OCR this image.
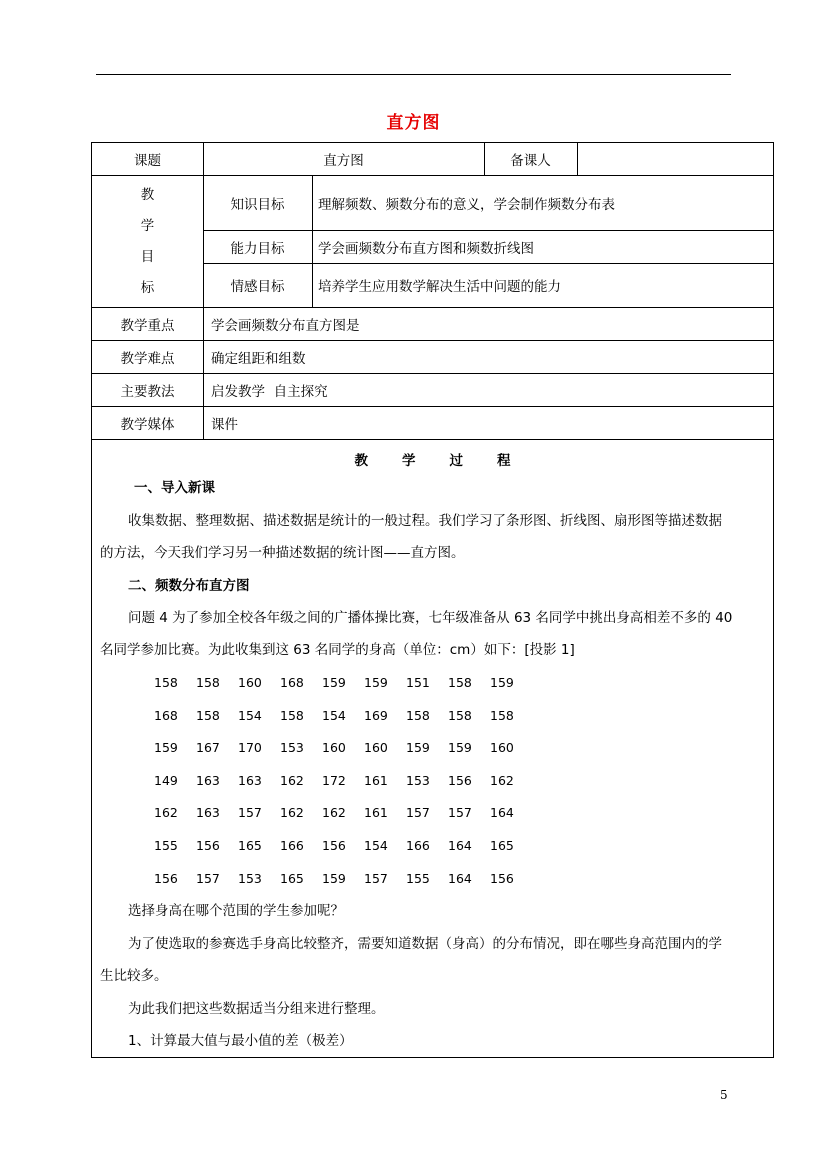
直方图
课题	直方图	备课人
教
学
目
标
知识目标	理解频数、频数分布的意义，学会制作频数分布表
能力目标	学会画频数分布直方图和频数折线图
情感目标	培养学生应用数学解决生活中问题的能力
教学重点	学会画频数分布直方图是
教学难点	确定组距和组数
主要教法	启发教学  自主探究
教学媒体	课件
教学过程
一、导入新课
收集数据、整理数据、描述数据是统计的一般过程。我们学习了条形图、折线图、扇形图等描述数据
的方法，今天我们学习另一种描述数据的统计图——直方图。
二、频数分布直方图
问题 4 为了参加全校各年级之间的广播体操比赛，七年级准备从 63 名同学中挑出身高相差不多的 40
名同学参加比赛。为此收集到这 63 名同学的身高（单位：cm）如下：[投影 1]
158 158 160 168 159 159 151 158 159
168 158 154 158 154 169 158 158 158
159 167 170 153 160 160 159 159 160
149 163 163 162 172 161 153 156 162
162 163 157 162 162 161 157 157 164
155 156 165 166 156 154 166 164 165
156 157 153 165 159 157 155 164 156
选择身高在哪个范围的学生参加呢？
为了使选取的参赛选手身高比较整齐，需要知道数据（身高）的分布情况，即在哪些身高范围内的学
生比较多。
为此我们把这些数据适当分组来进行整理。
1、计算最大值与最小值的差（极差）
5
